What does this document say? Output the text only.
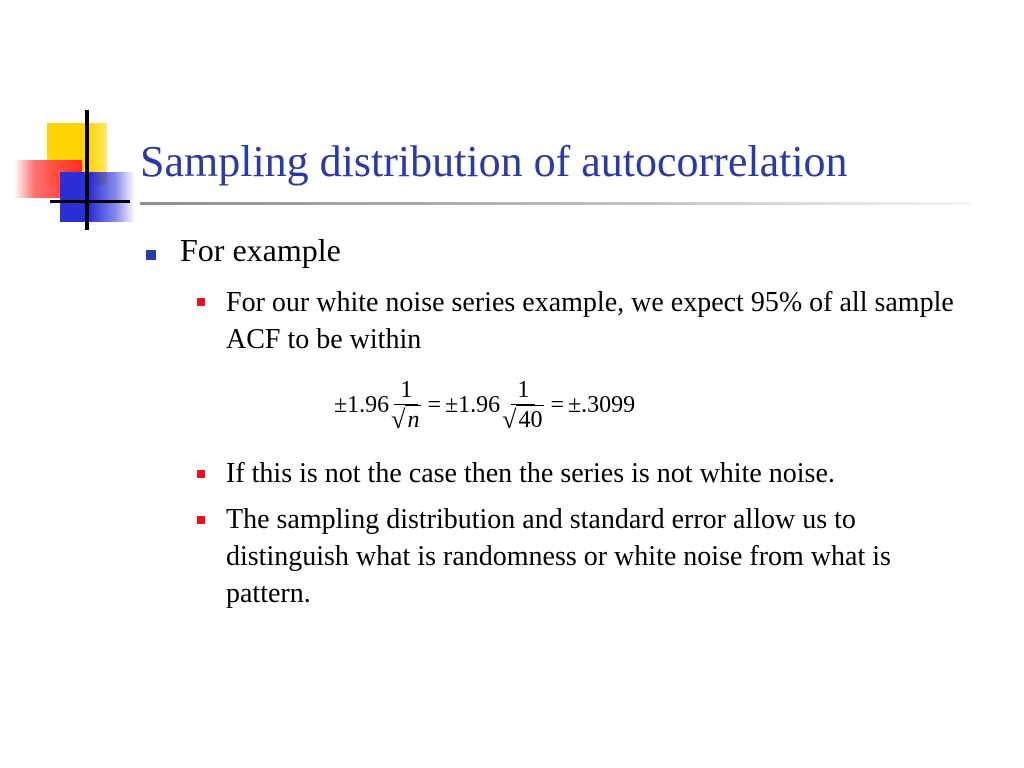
Sampling distribution of autocorrelation
For example
For our white noise series example, we expect 95% of all sample ACF to be within
$\pm 1.96 \frac{1}{√ n} = \pm 1.96 \frac{1}{√ 40} = \pm.3099$
If this is not the case then the series is not white noise.
The sampling distribution and standard error allow us to distinguish what is randomness or white noise from what is pattern.
